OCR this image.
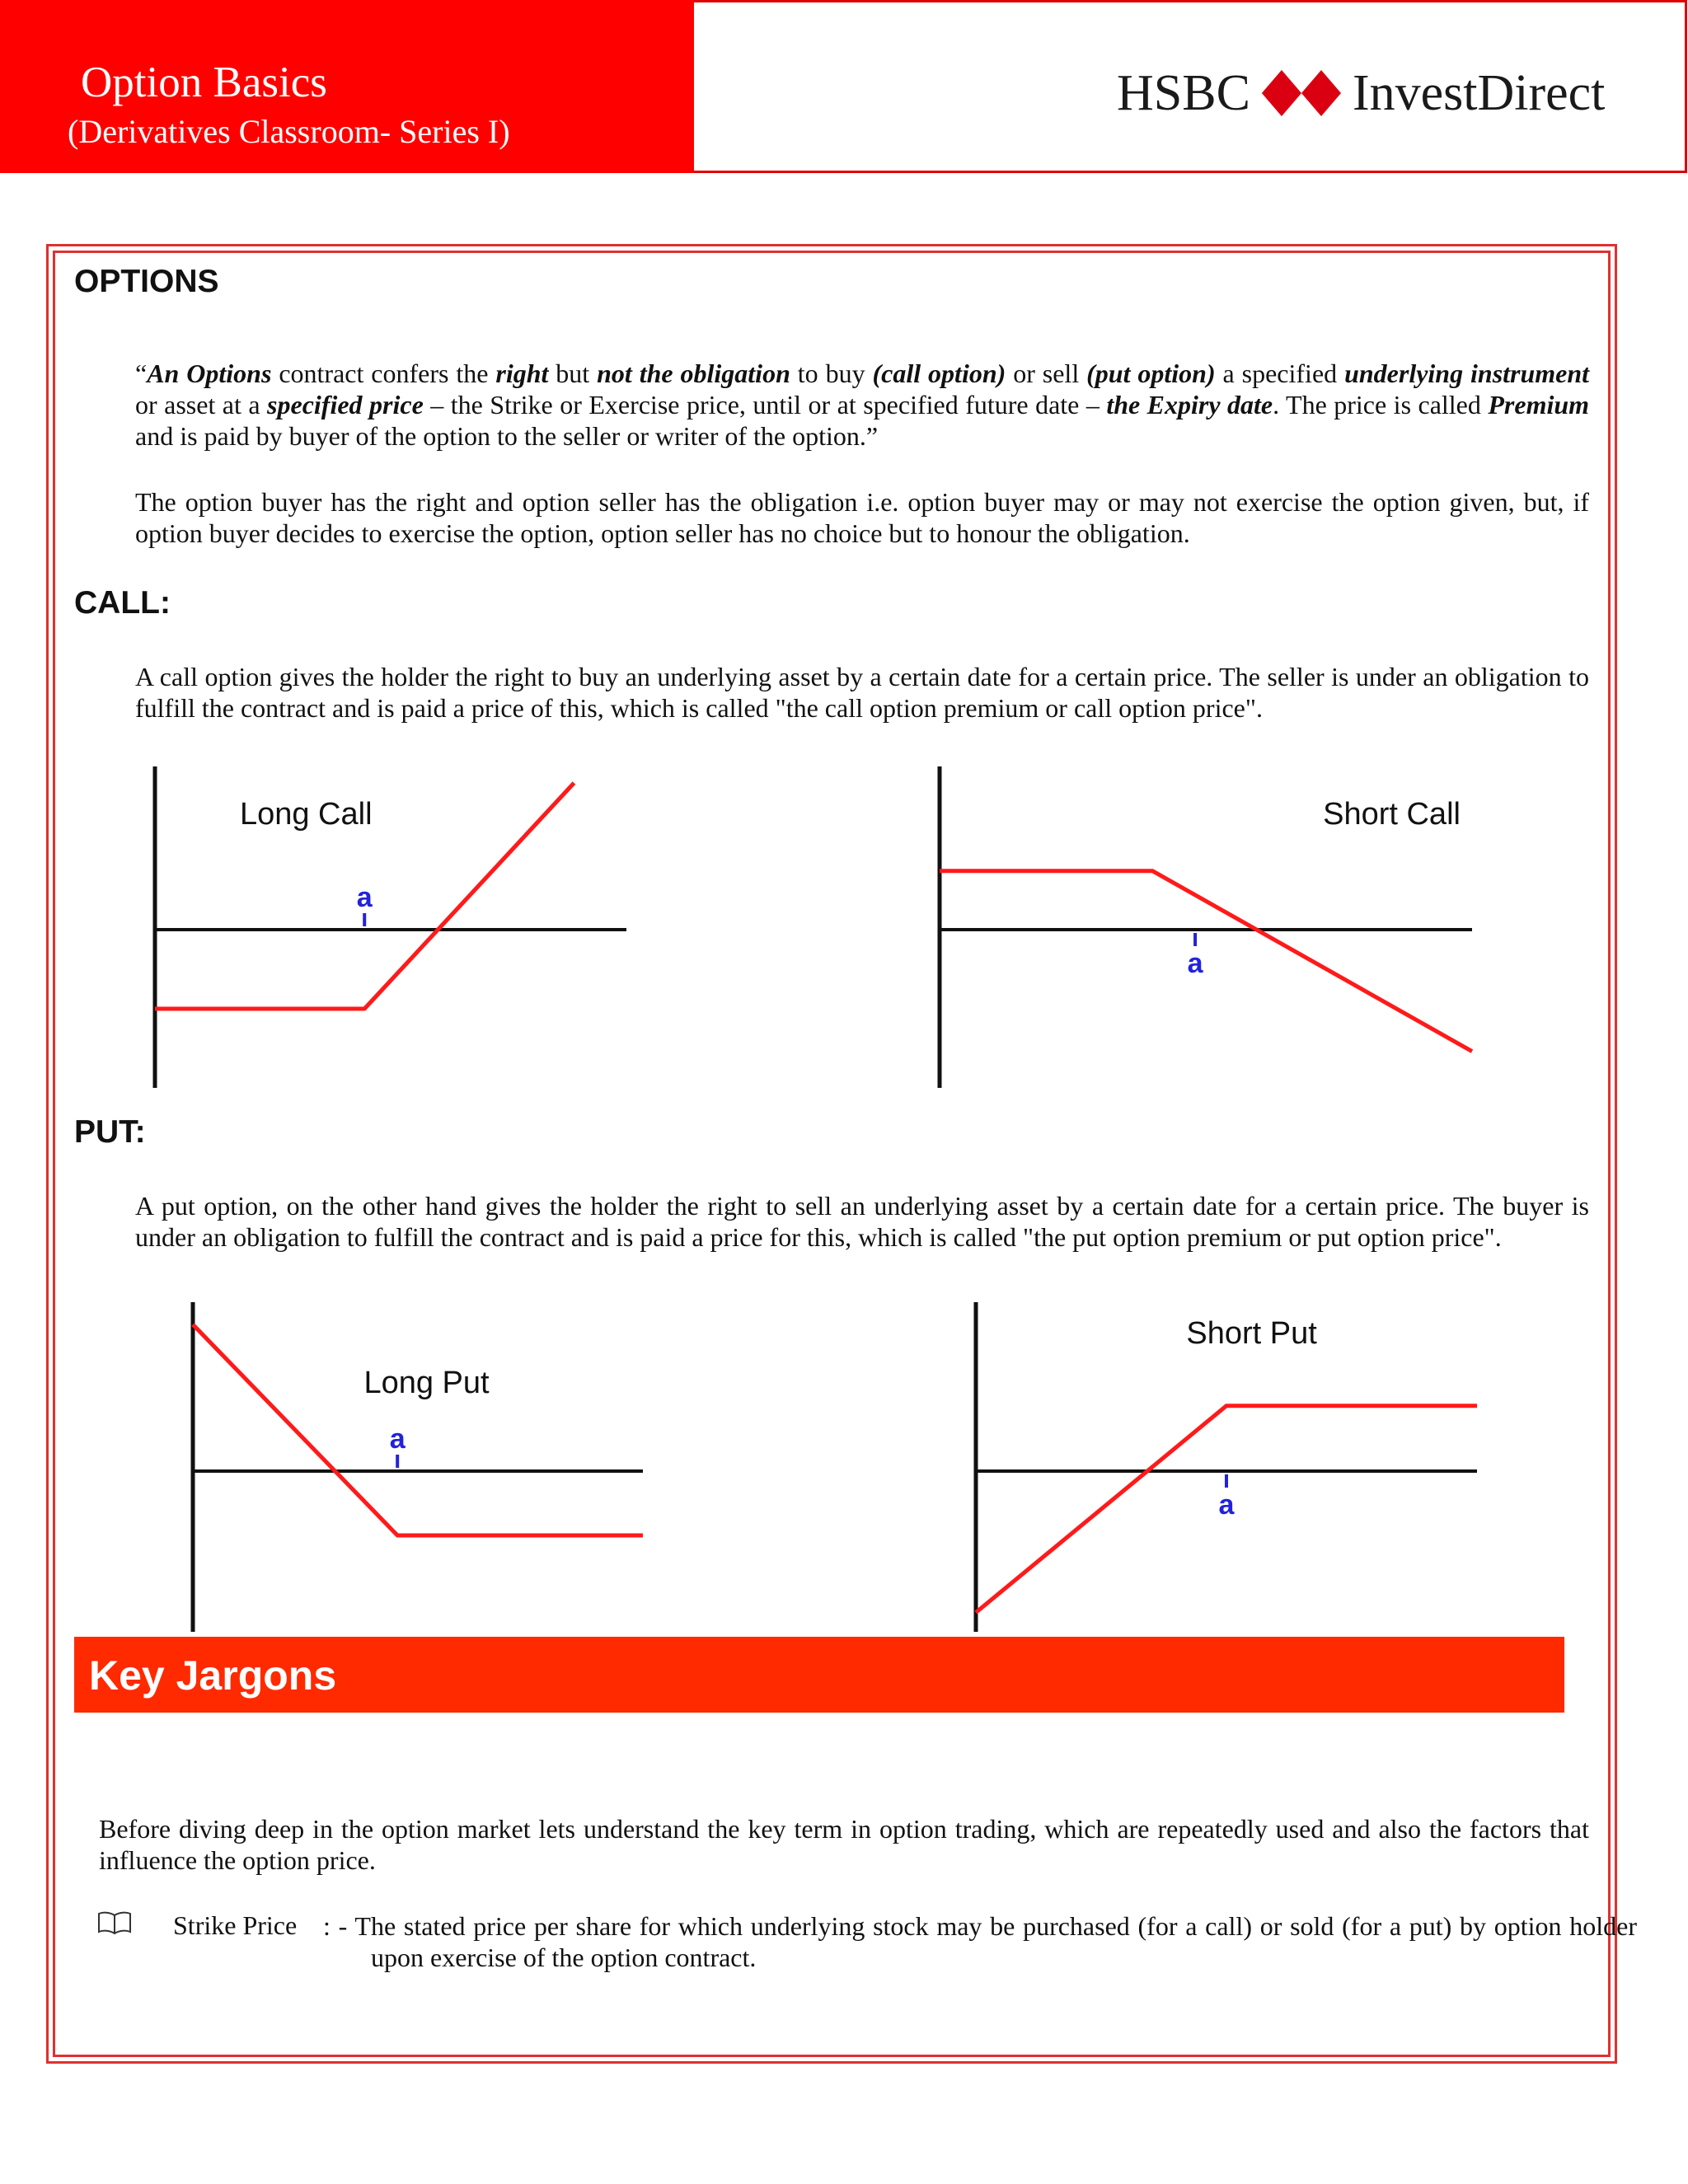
Option Basics
(Derivatives Classroom- Series I)
HSBC InvestDirect
OPTIONS
“An Options contract confers the right but not the obligation to buy (call option) or sell (put option) a specified underlying instrument or asset at a specified price – the Strike or Exercise price, until or at specified future date – the Expiry date. The price is called Premium and is paid by buyer of the option to the seller or writer of the option.”
The option buyer has the right and option seller has the obligation i.e. option buyer may or may not exercise the option given, but, if option buyer decides to exercise the option, option seller has no choice but to honour the obligation.
CALL:
A call option gives the holder the right to buy an underlying asset by a certain date for a certain price. The seller is under an obligation to fulfill the contract and is paid a price of this, which is called "the call option premium or call option price".
a
Long Call
a
Short Call
PUT:
A put option, on the other hand gives the holder the right to sell an underlying asset by a certain date for a certain price. The buyer is under an obligation to fulfill the contract and is paid a price for this, which is called "the put option premium or put option price".
a
Long Put
a
Short Put
Key Jargons
Before diving deep in the option market lets understand the key term in option trading, which are repeatedly used and also the factors that influence the option price.
Strike Price : - The stated price per share for which underlying stock may be purchased (for a call) or sold (for a put) by option holder upon exercise of the option contract.
